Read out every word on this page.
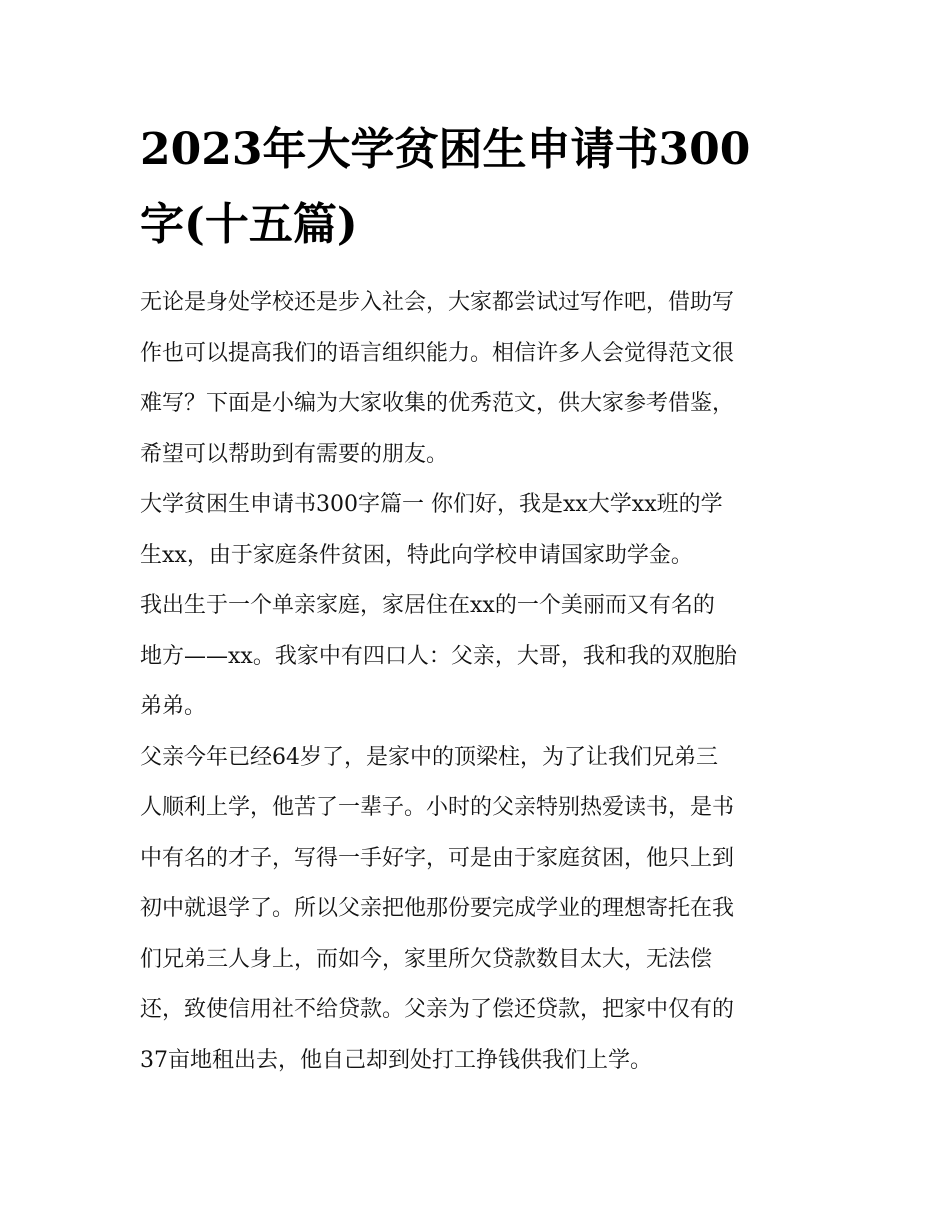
2023年大学贫困生申请书300
字(十五篇)

无论是身处学校还是步入社会，大家都尝试过写作吧，借助写
作也可以提高我们的语言组织能力。相信许多人会觉得范文很
难写？下面是小编为大家收集的优秀范文，供大家参考借鉴，
希望可以帮助到有需要的朋友。

大学贫困生申请书300字篇一 你们好，我是xx大学xx班的学
生xx，由于家庭条件贫困，特此向学校申请国家助学金。

我出生于一个单亲家庭，家居住在xx的一个美丽而又有名的
地方——xx。我家中有四口人：父亲，大哥，我和我的双胞胎
弟弟。

父亲今年已经64岁了，是家中的顶梁柱，为了让我们兄弟三
人顺利上学，他苦了一辈子。小时的父亲特别热爱读书，是书
中有名的才子，写得一手好字，可是由于家庭贫困，他只上到
初中就退学了。所以父亲把他那份要完成学业的理想寄托在我
们兄弟三人身上，而如今，家里所欠贷款数目太大，无法偿
还，致使信用社不给贷款。父亲为了偿还贷款，把家中仅有的
37亩地租出去，他自己却到处打工挣钱供我们上学。
